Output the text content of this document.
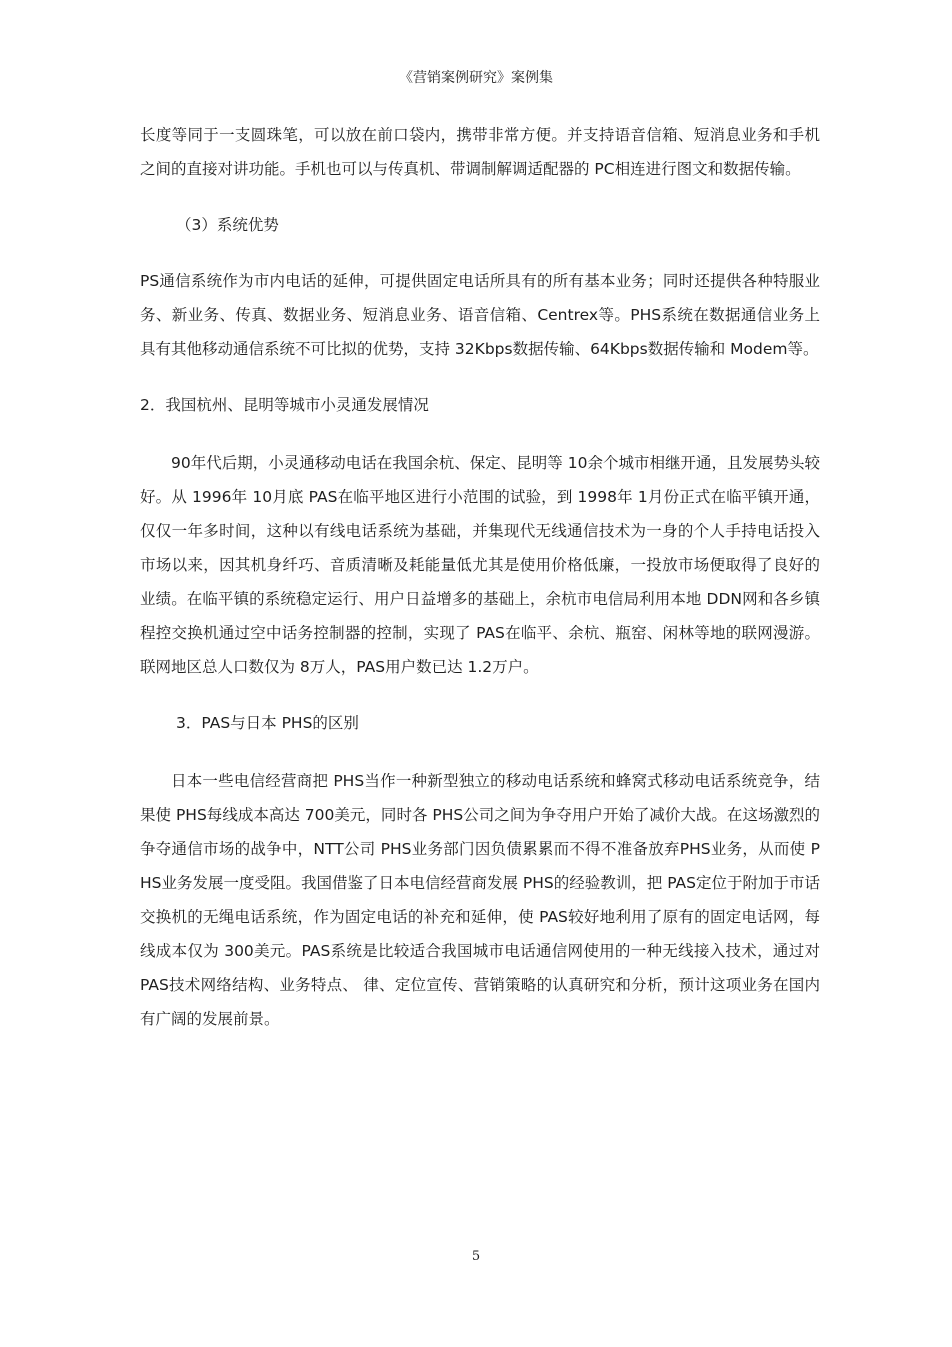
《营销案例研究》案例集

长度等同于一支圆珠笔，可以放在前口袋内，携带非常方便。并支持语音信箱、短消息业务和手机之间的直接对讲功能。手机也可以与传真机、带调制解调适配器的 PC相连进行图文和数据传输。

（3）系统优势

PS通信系统作为市内电话的延伸，可提供固定电话所具有的所有基本业务；同时还提供各种特服业务、新业务、传真、数据业务、短消息业务、语音信箱、Centrex等。PHS系统在数据通信业务上具有其他移动通信系统不可比拟的优势，支持 32Kbps数据传输、64Kbps数据传输和 Modem等。

2．我国杭州、昆明等城市小灵通发展情况

90年代后期，小灵通移动电话在我国余杭、保定、昆明等 10余个城市相继开通，且发展势头较好。从 1996年 10月底 PAS在临平地区进行小范围的试验，到 1998年 1月份正式在临平镇开通，仅仅一年多时间，这种以有线电话系统为基础，并集现代无线通信技术为一身的个人手持电话投入市场以来，因其机身纤巧、音质清晰及耗能量低尤其是使用价格低廉，一投放市场便取得了良好的业绩。在临平镇的系统稳定运行、用户日益增多的基础上，余杭市电信局利用本地 DDN网和各乡镇程控交换机通过空中话务控制器的控制，实现了 PAS在临平、余杭、瓶窑、闲林等地的联网漫游。联网地区总人口数仅为 8万人，PAS用户数已达 1.2万户。

3．PAS与日本 PHS的区别

日本一些电信经营商把 PHS当作一种新型独立的移动电话系统和蜂窝式移动电话系统竞争，结果使 PHS每线成本高达 700美元，同时各 PHS公司之间为争夺用户开始了减价大战。在这场激烈的争夺通信市场的战争中，NTT公司 PHS业务部门因负债累累而不得不准备放弃PHS业务，从而使 PHS业务发展一度受阻。我国借鉴了日本电信经营商发展 PHS的经验教训，把 PAS定位于附加于市话交换机的无绳电话系统，作为固定电话的补充和延伸，使 PAS较好地利用了原有的固定电话网，每线成本仅为 300美元。PAS系统是比较适合我国城市电话通信网使用的一种无线接入技术，通过对 PAS技术网络结构、业务特点、 律、定位宣传、营销策略的认真研究和分析，预计这项业务在国内有广阔的发展前景。

5
